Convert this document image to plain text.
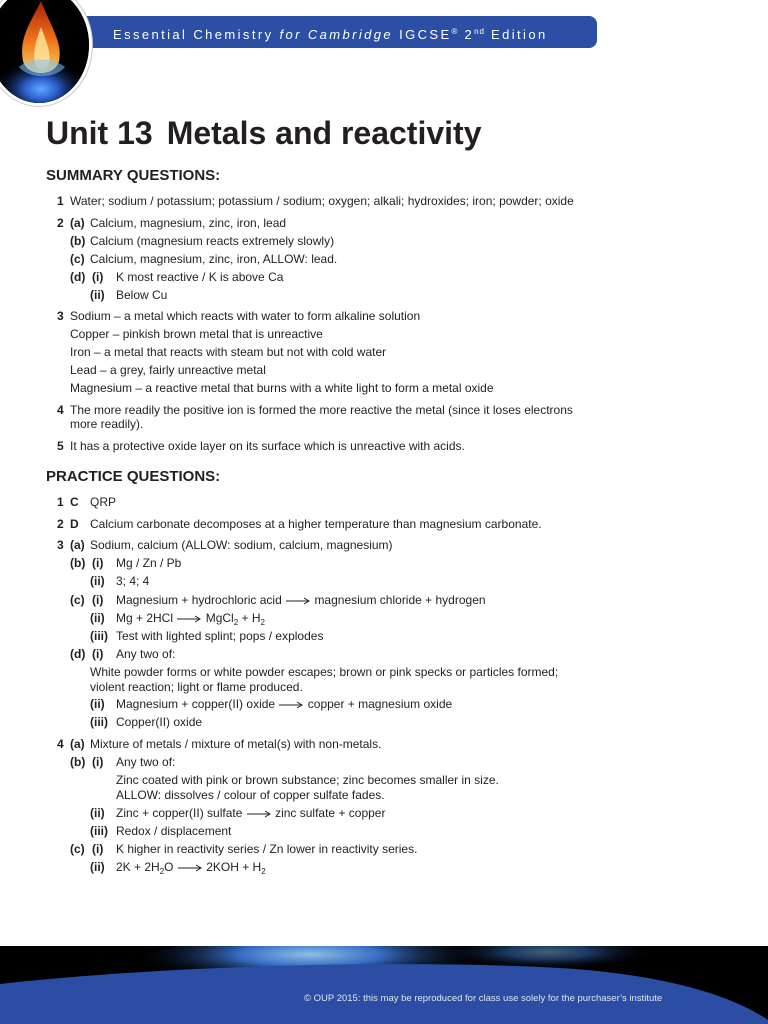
Essential Chemistry for Cambridge IGCSE® 2nd Edition
Unit 13 Metals and reactivity
SUMMARY QUESTIONS:
1 Water; sodium / potassium; potassium / sodium; oxygen; alkali; hydroxides; iron; powder; oxide
2 (a) Calcium, magnesium, zinc, iron, lead
(b) Calcium (magnesium reacts extremely slowly)
(c) Calcium, magnesium, zinc, iron, ALLOW: lead.
(d) (i) K most reactive / K is above Ca
(ii) Below Cu
3 Sodium – a metal which reacts with water to form alkaline solution
Copper – pinkish brown metal that is unreactive
Iron – a metal that reacts with steam but not with cold water
Lead – a grey, fairly unreactive metal
Magnesium – a reactive metal that burns with a white light to form a metal oxide
4 The more readily the positive ion is formed the more reactive the metal (since it loses electrons
more readily).
5 It has a protective oxide layer on its surface which is unreactive with acids.
PRACTICE QUESTIONS:
1 C QRP
2 D Calcium carbonate decomposes at a higher temperature than magnesium carbonate.
3 (a) Sodium, calcium (ALLOW: sodium, calcium, magnesium)
(b) (i) Mg / Zn / Pb
(ii) 3; 4; 4
(c) (i) Magnesium + hydrochloric acid	magnesium chloride + hydrogen
(ii) Mg + 2HCl	MgCl$_2$ + $H_2$
(iii) Test with lighted splint; pops / explodes
(d) (i) Any two of:
White powder forms or white powder escapes; brown or pink specks or particles formed;
violent reaction; light or flame produced.
(ii) Magnesium + copper(II) oxide	copper + magnesium oxide
(iii) Copper(II) oxide
4 (a) Mixture of metals / mixture of metal(s) with non-metals.
(b) (i) Any two of:
Zinc coated with pink or brown substance; zinc becomes smaller in size.
ALLOW: dissolves / colour of copper sulfate fades.
(ii) Zinc + copper(II) sulfate	zinc sulfate + copper
(iii) Redox / displacement
(c) (i) K higher in reactivity series / Zn lower in reactivity series.
(ii) $2K + 2H_2O$	$2KOH + H_2$
© OUP 2015: this may be reproduced for class use solely for the purchaser’s institute
